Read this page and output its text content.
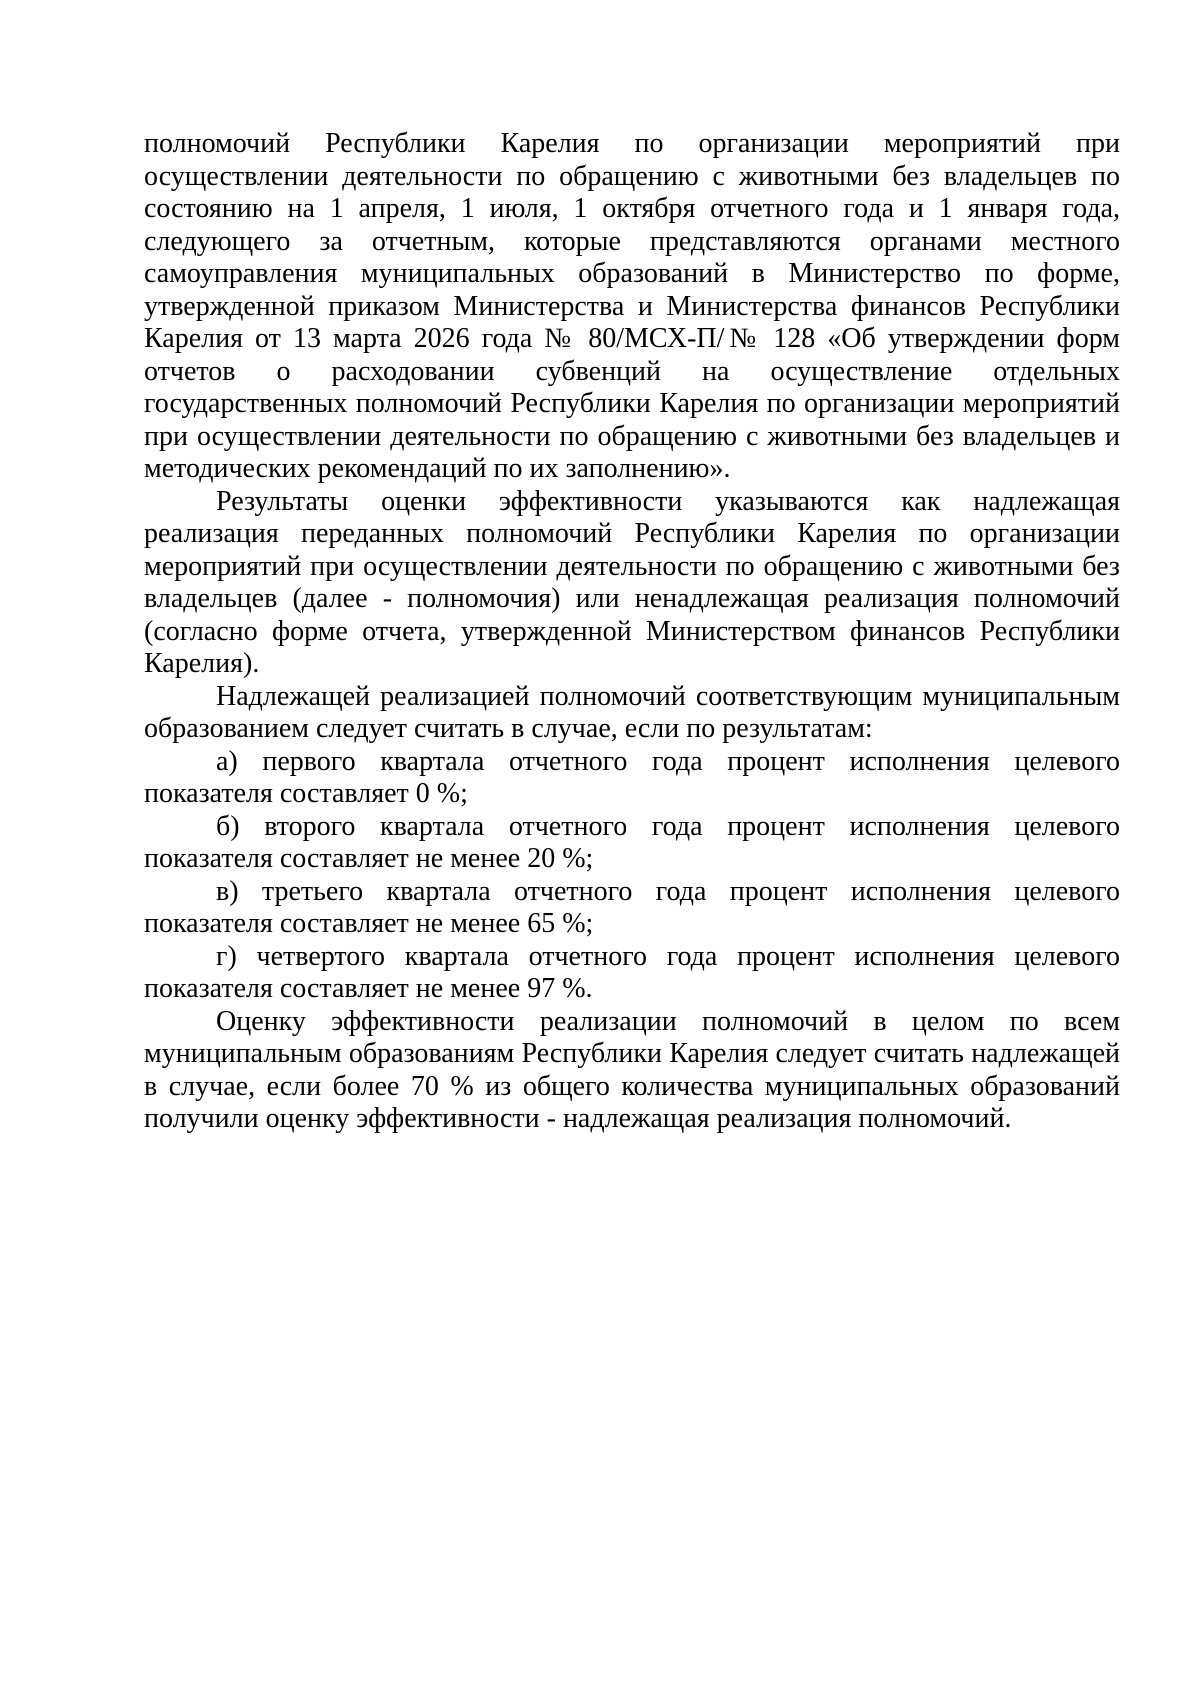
полномочий Республики Карелия по организации мероприятий при осуществлении деятельности по обращению с животными без владельцев по состоянию на 1 апреля, 1 июля, 1 октября отчетного года и 1 января года, следующего за отчетным, которые представляются органами местного самоуправления муниципальных образований в Министерство по форме, утвержденной приказом Министерства и Министерства финансов Республики Карелия от 13 марта 2026 года № 80/МСХ-П/№ 128 «Об утверждении форм отчетов о расходовании субвенций на осуществление отдельных государственных полномочий Республики Карелия по организации мероприятий при осуществлении деятельности по обращению с животными без владельцев и методических рекомендаций по их заполнению».

Результаты оценки эффективности указываются как надлежащая реализация переданных полномочий Республики Карелия по организации мероприятий при осуществлении деятельности по обращению с животными без владельцев (далее - полномочия) или ненадлежащая реализация полномочий (согласно форме отчета, утвержденной Министерством финансов Республики Карелия).

Надлежащей реализацией полномочий соответствующим муниципальным образованием следует считать в случае, если по результатам:

а) первого квартала отчетного года процент исполнения целевого показателя составляет 0 %;

б) второго квартала отчетного года процент исполнения целевого показателя составляет не менее 20 %;

в) третьего квартала отчетного года процент исполнения целевого показателя составляет не менее 65 %;

г) четвертого квартала отчетного года процент исполнения целевого показателя составляет не менее 97 %.

Оценку эффективности реализации полномочий в целом по всем муниципальным образованиям Республики Карелия следует считать надлежащей в случае, если более 70 % из общего количества муниципальных образований получили оценку эффективности - надлежащая реализация полномочий.
